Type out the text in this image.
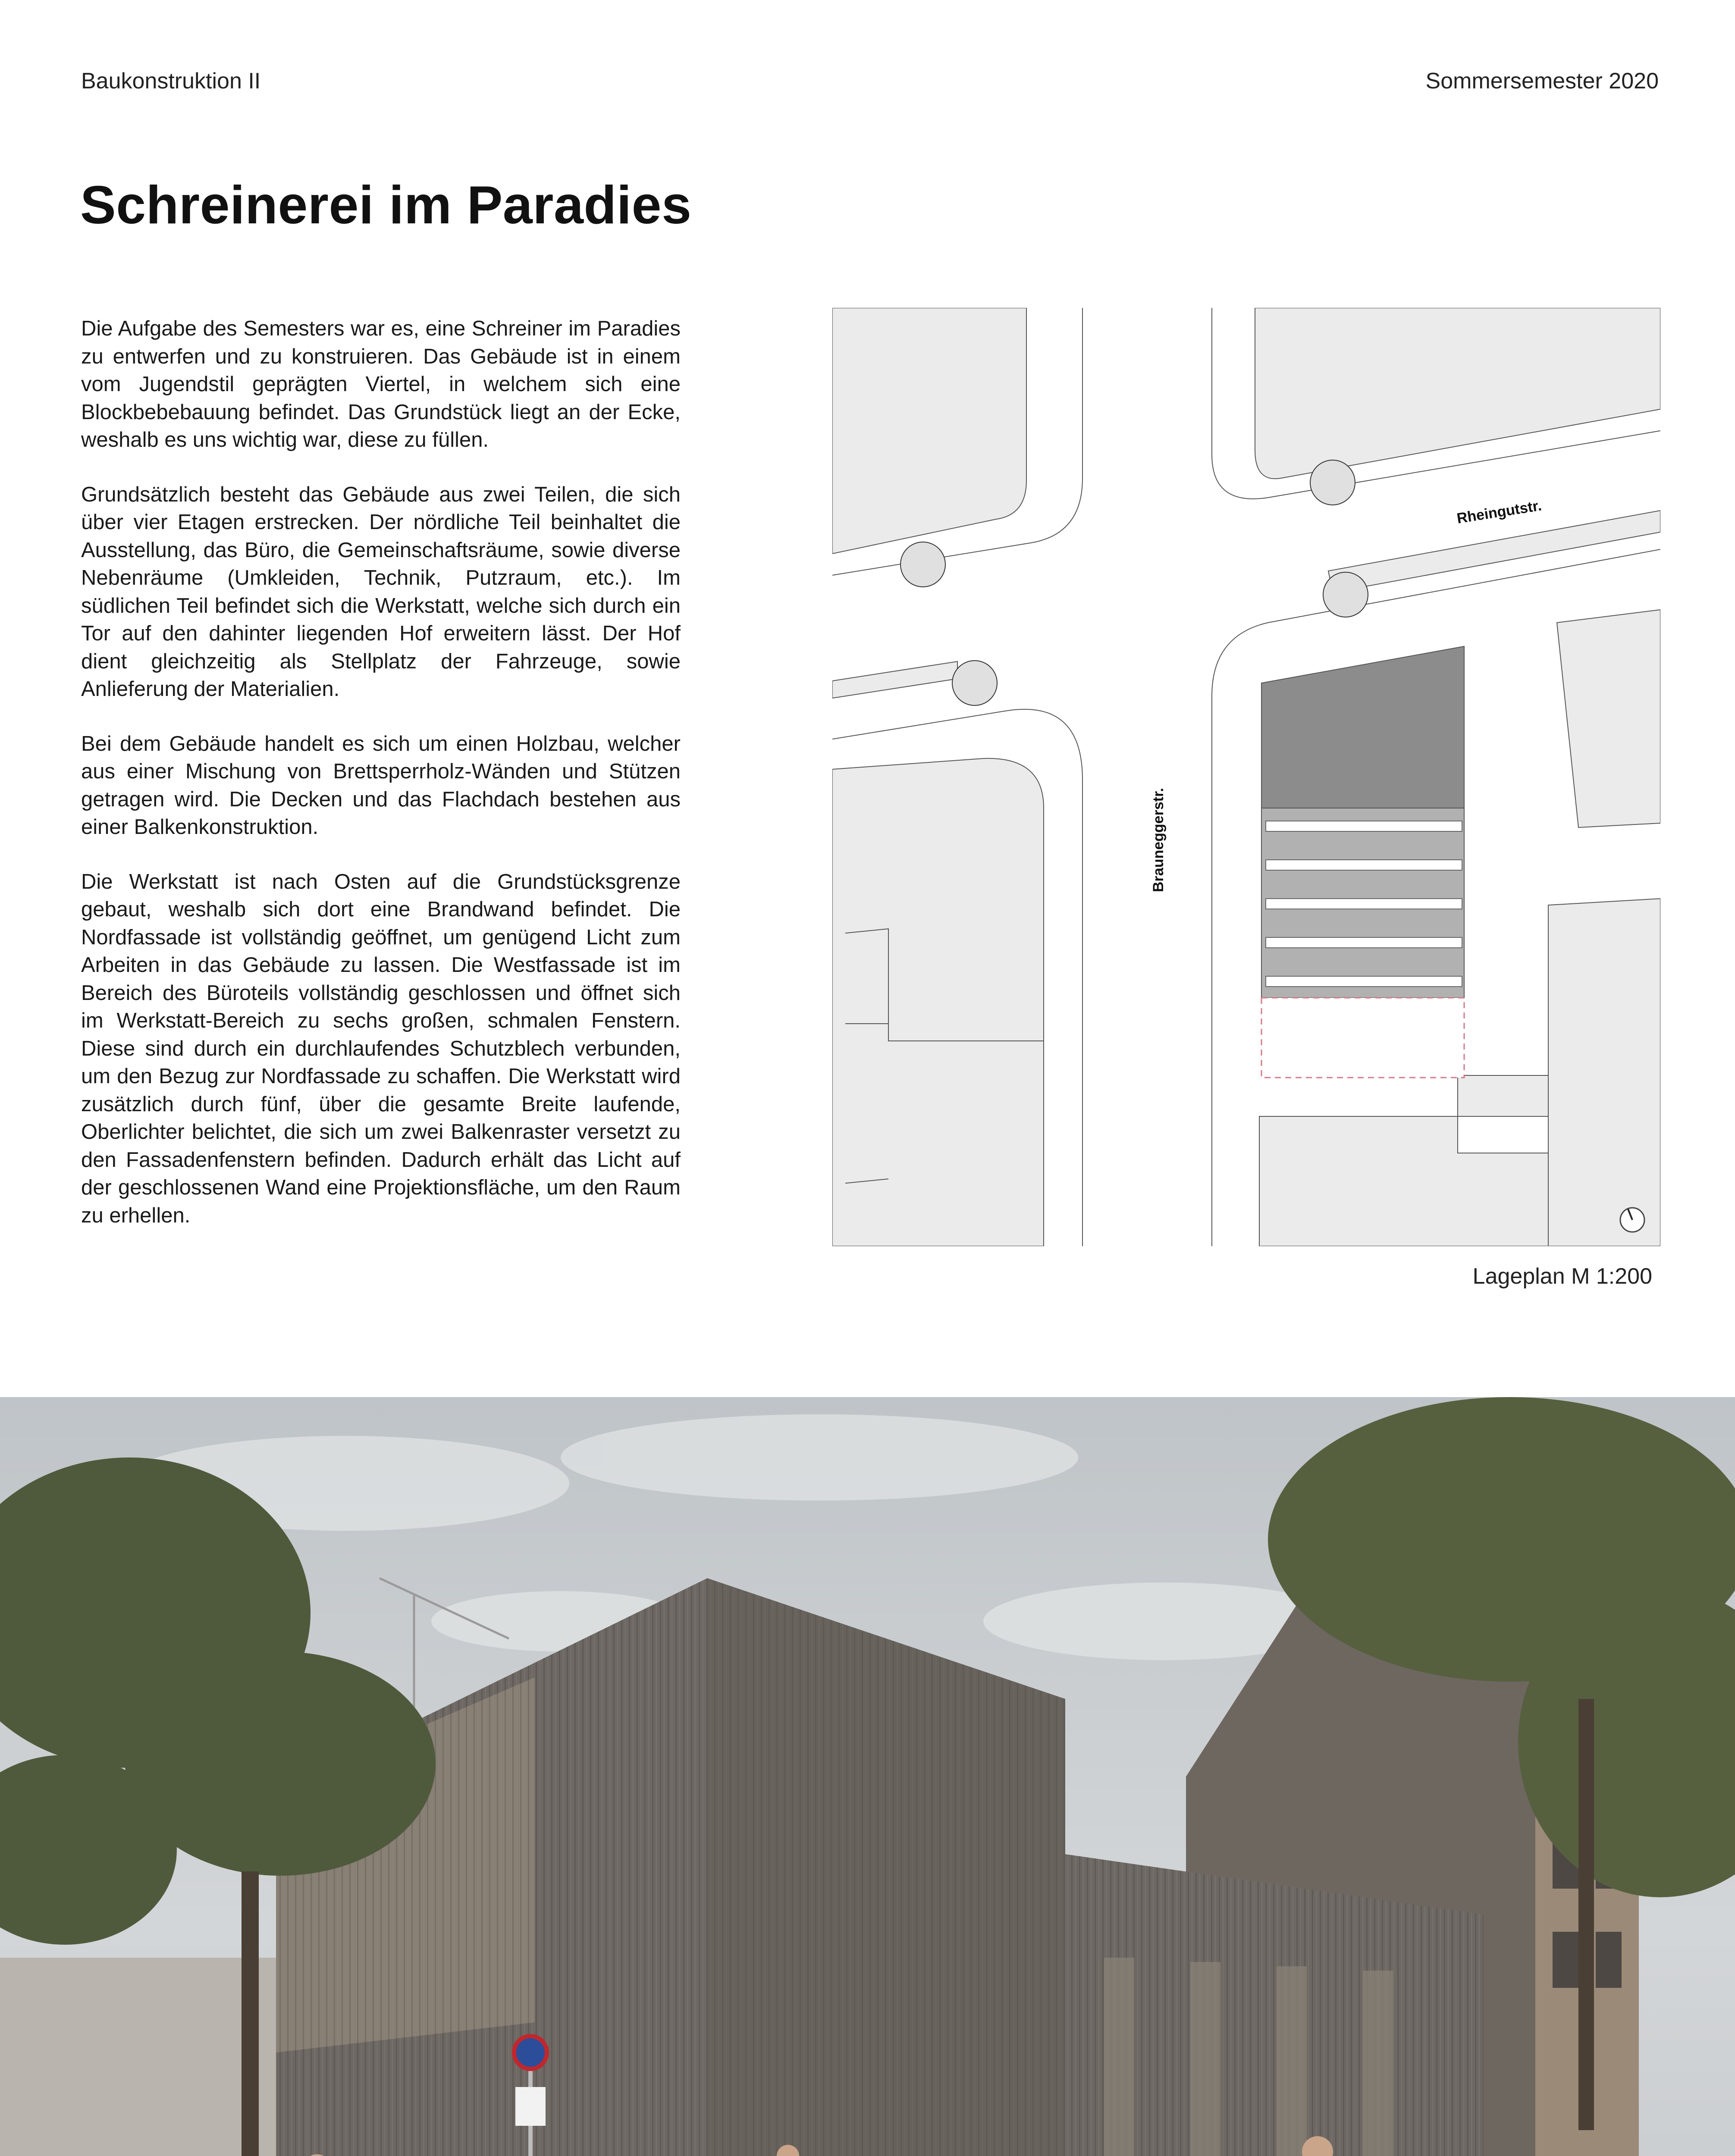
Baukonstruktion II	Sommersemester 2020
Schreinerei im Paradies

Die Aufgabe des Semesters war es, eine Schreiner im Paradies zu entwerfen und zu konstruieren. Das Gebäude ist in einem vom Jugendstil geprägten Viertel, in welchem sich eine Blockbebebauung befindet. Das Grundstück liegt an der Ecke, weshalb es uns wichtig war, diese zu füllen.

Grundsätzlich besteht das Gebäude aus zwei Teilen, die sich über vier Etagen erstrecken. Der nördliche Teil beinhaltet die Ausstellung, das Büro, die Gemeinschaftsräume, sowie diverse Nebenräume (Umkleiden, Technik, Putzraum, etc.). Im südlichen Teil befindet sich die Werkstatt, welche sich durch ein Tor auf den dahinter liegenden Hof erweitern lässt. Der Hof dient gleichzeitig als Stellplatz der Fahrzeuge, sowie Anlieferung der Materialien.

Bei dem Gebäude handelt es sich um einen Holzbau, welcher aus einer Mischung von Brettsperrholz-Wänden und Stützen getragen wird. Die Decken und das Flachdach bestehen aus einer Balkenkonstruktion.

Die Werkstatt ist nach Osten auf die Grundstücksgrenze gebaut, weshalb sich dort eine Brandwand befindet. Die Nordfassade ist vollständig geöffnet, um genügend Licht zum Arbeiten in das Gebäude zu lassen. Die Westfassade ist im Bereich des Büroteils vollständig geschlossen und öffnet sich im Werkstatt-Bereich zu sechs großen, schmalen Fenstern. Diese sind durch ein durchlaufendes Schutzblech verbunden, um den Bezug zur Nordfassade zu schaffen. Die Werkstatt wird zusätzlich durch fünf, über die gesamte Breite laufende, Oberlichter belichtet, die sich um zwei Balkenraster versetzt zu den Fassadenfenstern befinden. Dadurch erhält das Licht auf der geschlossenen Wand eine Projektionsfläche, um den Raum zu erhellen.

Rheingutstr.
Brauneggerstr.
Lageplan M 1:200
